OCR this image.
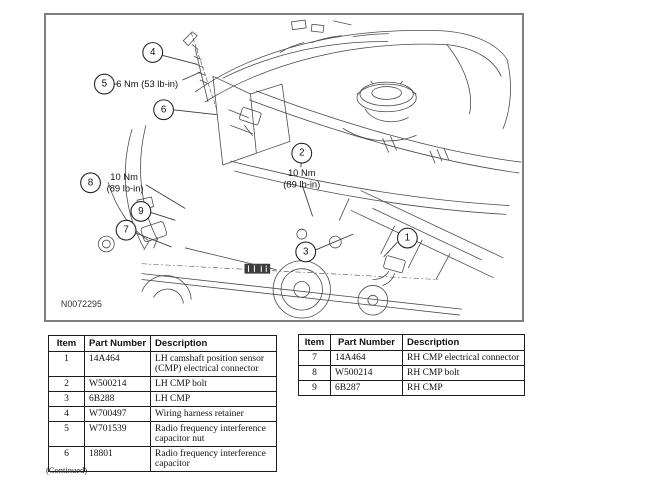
1
2
3
4
5
6
7
8
9
6 Nm (53 lb-in)
10 Nm
(89 lb-in)
10 Nm
(89 lb-in)
N0072295
Item	Part Number	Description
1	14A464	LH camshaft position sensor (CMP) electrical connector
2	W500214	LH CMP bolt
3	6B288	LH CMP
4	W700497	Wiring harness retainer
5	W701539	Radio frequency interference capacitor nut
6	18801	Radio frequency interference capacitor
Item	Part Number	Description
7	14A464	RH CMP electrical connector
8	W500214	RH CMP bolt
9	6B287	RH CMP
(Continued)
